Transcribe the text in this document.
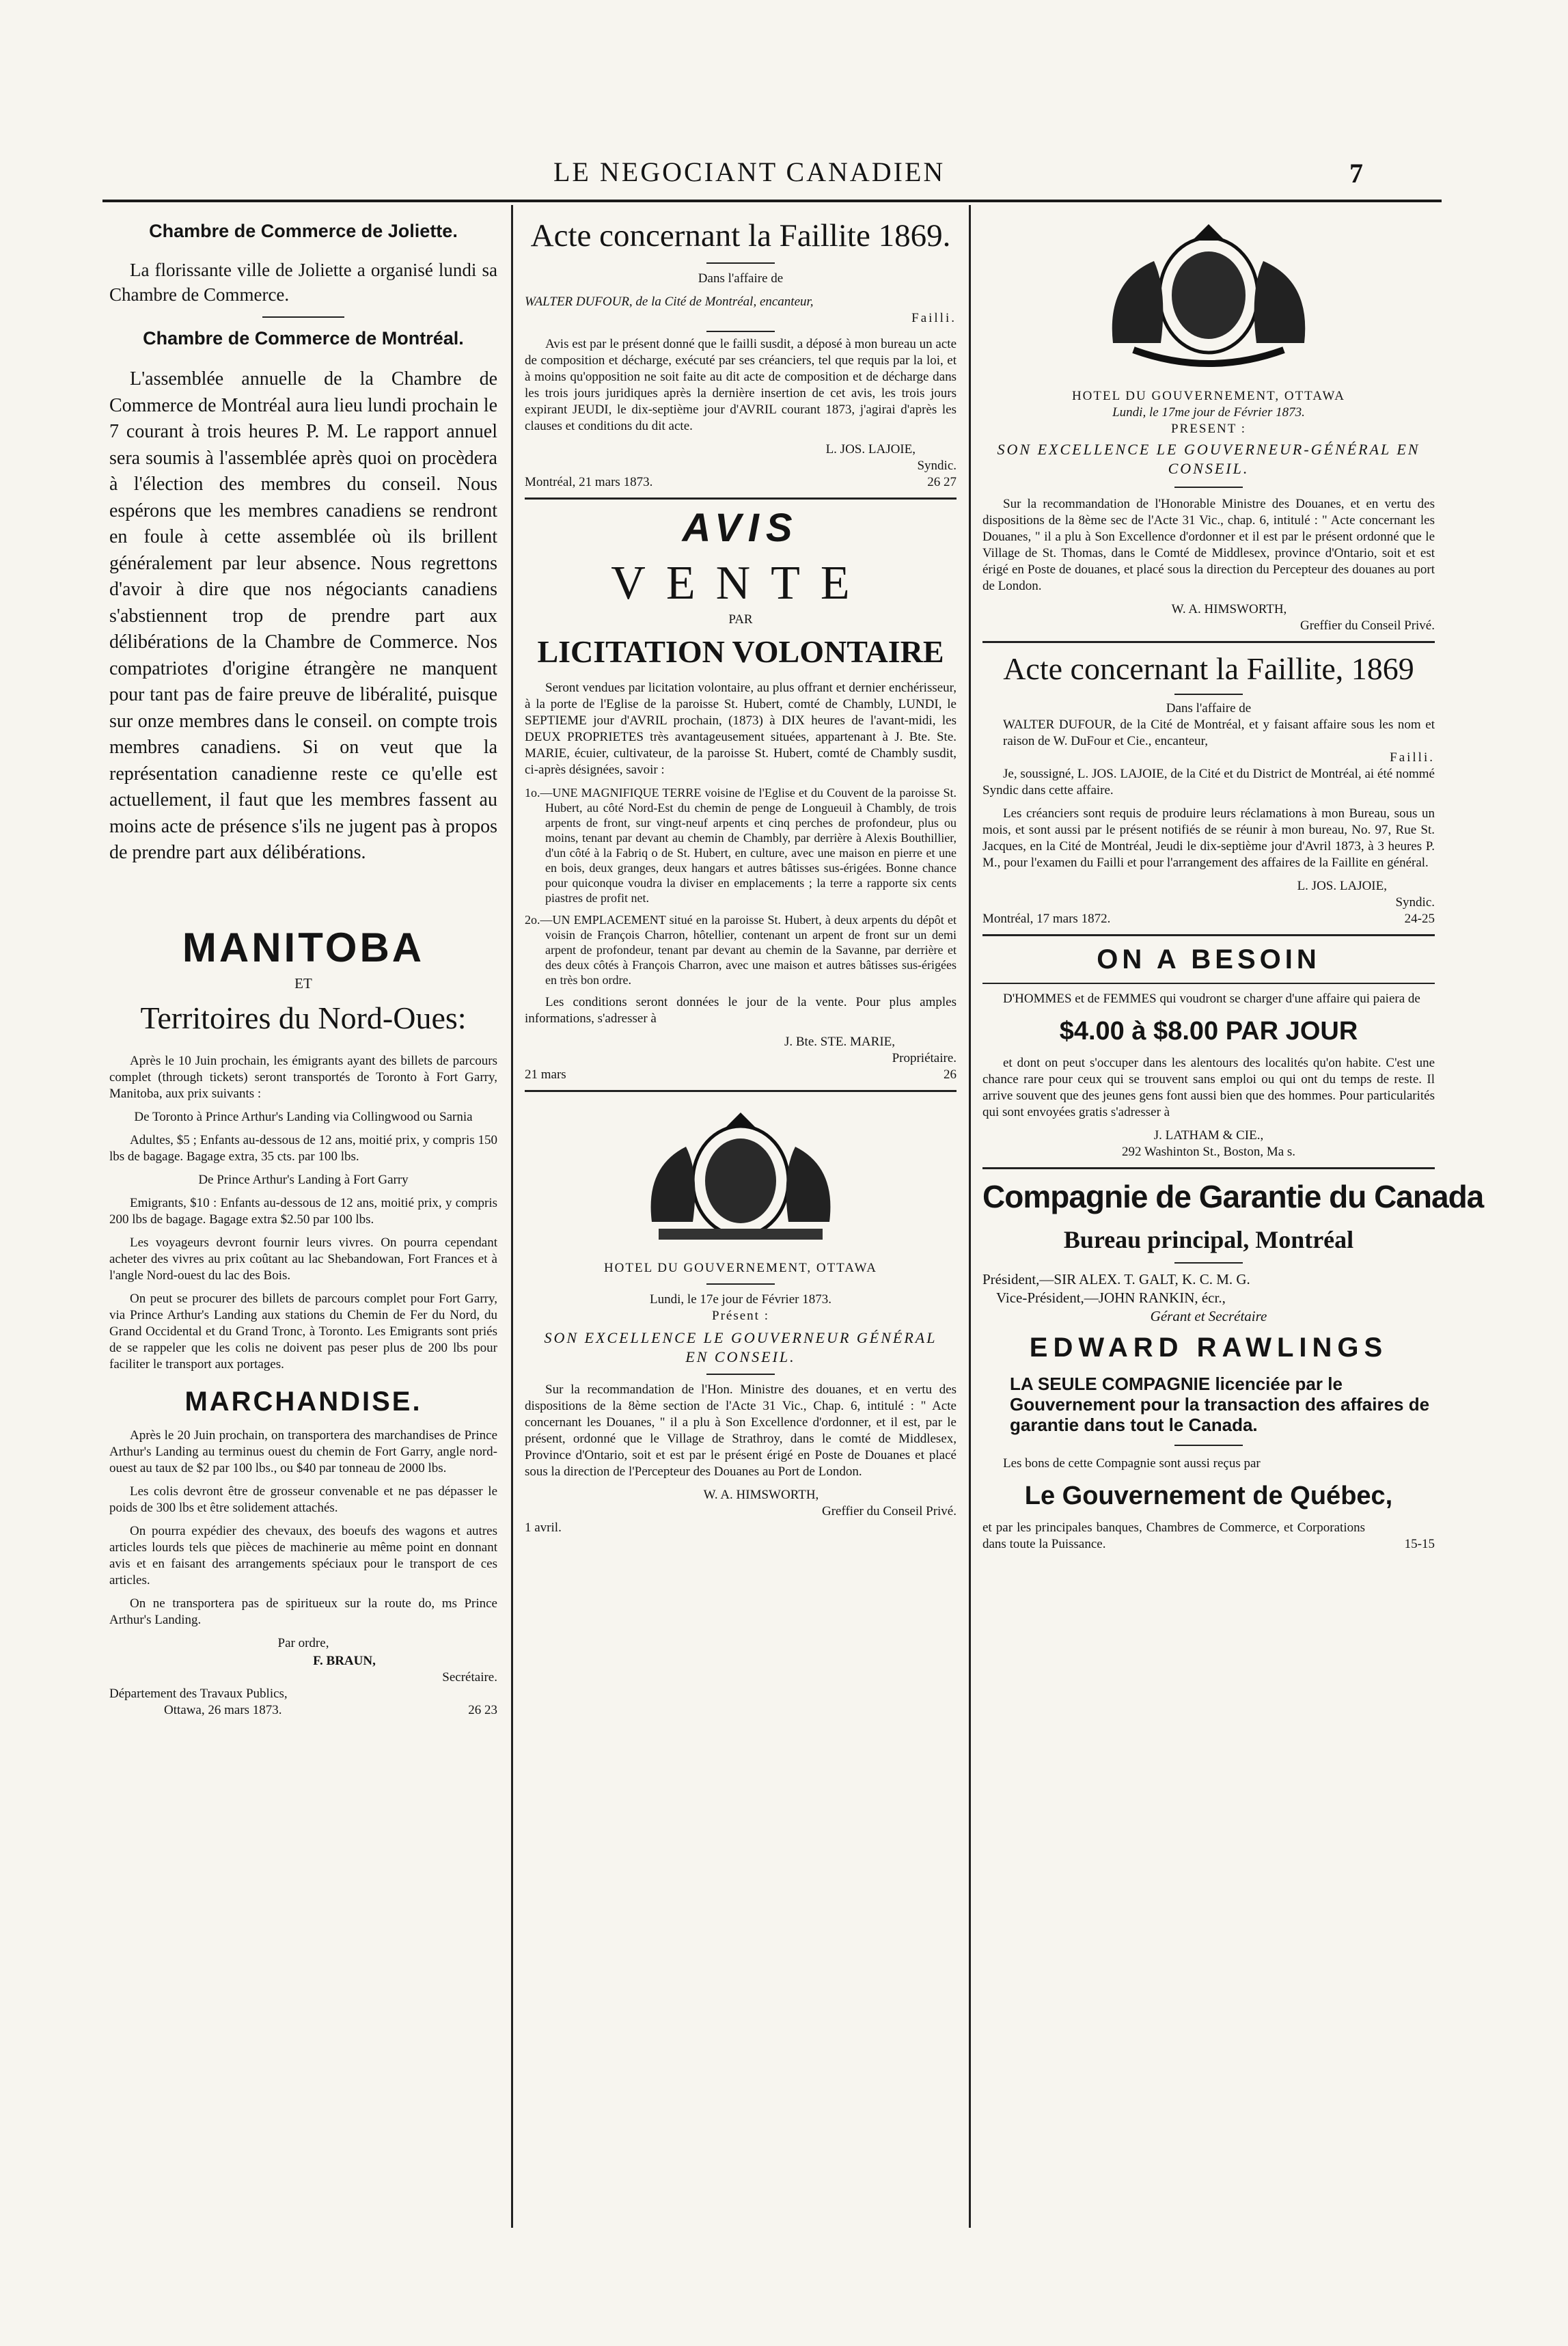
LE NEGOCIANT CANADIEN	7
Chambre de Commerce de Joliette.

La florissante ville de Joliette a organisé lundi sa Chambre de Commerce.

Chambre de Commerce de Montréal.

L'assemblée annuelle de la Chambre de Commerce de Montréal aura lieu lundi prochain le 7 courant à trois heures P. M. Le rapport annuel sera soumis à l'assemblée après quoi on procèdera à l'élection des membres du conseil. Nous espérons que les membres canadiens se rendront en foule à cette assemblée où ils brillent généralement par leur absence. Nous regrettons d'avoir à dire que nos négociants canadiens s'abstiennent trop de prendre part aux délibérations de la Chambre de Commerce. Nos compatriotes d'origine étrangère ne manquent pour tant pas de faire preuve de libéralité, puisque sur onze membres dans le conseil. on compte trois membres canadiens. Si on veut que la représentation canadienne reste ce qu'elle est actuellement, il faut que les membres fassent au moins acte de présence s'ils ne jugent pas à propos de prendre part aux délibérations.

MANITOBA
ET
Territoires du Nord-Oues:

Après le 10 Juin prochain, les émigrants ayant des billets de parcours complet (through tickets) seront transportés de Toronto à Fort Garry, Manitoba, aux prix suivants :

De Toronto à Prince Arthur's Landing via Collingwood ou Sarnia

Adultes, $5 ; Enfants au-dessous de 12 ans, moitié prix, y compris 150 lbs de bagage. Bagage extra, 35 cts. par 100 lbs.

De Prince Arthur's Landing à Fort Garry

Emigrants, $10 : Enfants au-dessous de 12 ans, moitié prix, y compris 200 lbs de bagage. Bagage extra $2.50 par 100 lbs.

Les voyageurs devront fournir leurs vivres. On pourra cependant acheter des vivres au prix coûtant au lac Shebandowan, Fort Frances et à l'angle Nord-ouest du lac des Bois.

On peut se procurer des billets de parcours complet pour Fort Garry, via Prince Arthur's Landing aux stations du Chemin de Fer du Nord, du Grand Occidental et du Grand Tronc, à Toronto. Les Emigrants sont priés de se rappeler que les colis ne doivent pas peser plus de 200 lbs pour faciliter le transport aux portages.

MARCHANDISE.

Après le 20 Juin prochain, on transportera des marchandises de Prince Arthur's Landing au terminus ouest du chemin de Fort Garry, angle nord-ouest au taux de $2 par 100 lbs., ou $40 par tonneau de 2000 lbs.

Les colis devront être de grosseur convenable et ne pas dépasser le poids de 300 lbs et être solidement attachés.

On pourra expédier des chevaux, des boeufs des wagons et autres articles lourds tels que pièces de machinerie au même point en donnant avis et en faisant des arrangements spéciaux pour le transport de ces articles.

On ne transportera pas de spiritueux sur la route do, ms Prince Arthur's Landing.

Par ordre,

F. BRAUN,
Secrétaire.
Département des Travaux Publics,
Ottawa, 26 mars 1873.	26 23
Acte concernant la Faillite 1869.
Dans l'affaire de
WALTER DUFOUR, de la Cité de Montréal, encanteur,
Failli.

Avis est par le présent donné que le failli susdit, a déposé à mon bureau un acte de composition et décharge, exécuté par ses créanciers, tel que requis par la loi, et à moins qu'opposition ne soit faite au dit acte de composition et de décharge dans les trois jours juridiques après la dernière insertion de cet avis, les trois jours expirant JEUDI, le dix-septième jour d'AVRIL courant 1873, j'agirai d'après les clauses et conditions du dit acte.

L. JOS. LAJOIE,
Syndic.
Montréal, 21 mars 1873.	26 27
AVIS
VENTE
PAR
LICITATION VOLONTAIRE

Seront vendues par licitation volontaire, au plus offrant et dernier enchérisseur, à la porte de l'Eglise de la paroisse St. Hubert, comté de Chambly, LUNDI, le SEPTIEME jour d'AVRIL prochain, (1873) à DIX heures de l'avant-midi, les DEUX PROPRIETES très avantageusement situées, appartenant à J. Bte. Ste. MARIE, écuier, cultivateur, de la paroisse St. Hubert, comté de Chambly susdit, ci-après désignées, savoir :

1o.—UNE MAGNIFIQUE TERRE voisine de l'Eglise et du Couvent de la paroisse St. Hubert, au côté Nord-Est du chemin de penge de Longueuil à Chambly, de trois arpents de front, sur vingt-neuf arpents et cinq perches de profondeur, plus ou moins, tenant par devant au chemin de Chambly, par derrière à Alexis Bouthillier, d'un côté à la Fabriq o de St. Hubert, en culture, avec une maison en pierre et une en bois, deux granges, deux hangars et autres bâtisses sus-érigées. Bonne chance pour quiconque voudra la diviser en emplacements ; la terre a rapporte six cents piastres de profit net.

2o.—UN EMPLACEMENT situé en la paroisse St. Hubert, à deux arpents du dépôt et voisin de François Charron, hôtellier, contenant un arpent de front sur un demi arpent de profondeur, tenant par devant au chemin de la Savanne, par derrière et des deux côtés à François Charron, avec une maison et autres bâtisses sus-érigées en très bon ordre.

Les conditions seront données le jour de la vente. Pour plus amples informations, s'adresser à

J. Bte. STE. MARIE,
Propriétaire.
21 mars	26
HOTEL DU GOUVERNEMENT, OTTAWA
Lundi, le 17e jour de Février 1873.
Présent :
SON EXCELLENCE LE GOUVERNEUR GÉNÉRAL EN CONSEIL.

Sur la recommandation de l'Hon. Ministre des douanes, et en vertu des dispositions de la 8ème section de l'Acte 31 Vic., Chap. 6, intitulé : " Acte concernant les Douanes, " il a plu à Son Excellence d'ordonner, et il est, par le présent, ordonné que le Village de Strathroy, dans le comté de Middlesex, Province d'Ontario, soit et est par le présent érigé en Poste de Douanes et placé sous la direction de l'Percepteur des Douanes au Port de London.

W. A. HIMSWORTH,
Greffier du Conseil Privé.
1 avril.
HOTEL DU GOUVERNEMENT, OTTAWA
Lundi, le 17me jour de Février 1873.
PRESENT :
SON EXCELLENCE LE GOUVERNEUR-GÉNÉRAL EN CONSEIL.

Sur la recommandation de l'Honorable Ministre des Douanes, et en vertu des dispositions de la 8ème sec de l'Acte 31 Vic., chap. 6, intitulé : " Acte concernant les Douanes, " il a plu à Son Excellence d'ordonner et il est par le présent ordonné que le Village de St. Thomas, dans le Comté de Middlesex, province d'Ontario, soit et est érigé en Poste de douanes, et placé sous la direction du Percepteur des douanes au port de London.

W. A. HIMSWORTH,
Greffier du Conseil Privé.
Acte concernant la Faillite, 1869
Dans l'affaire de
WALTER DUFOUR, de la Cité de Montréal, et y faisant affaire sous les nom et raison de W. DuFour et Cie., encanteur,
Failli.

Je, soussigné, L. JOS. LAJOIE, de la Cité et du District de Montréal, ai été nommé Syndic dans cette affaire.

Les créanciers sont requis de produire leurs réclamations à mon Bureau, sous un mois, et sont aussi par le présent notifiés de se réunir à mon bureau, No. 97, Rue St. Jacques, en la Cité de Montréal, Jeudi le dix-septième jour d'Avril 1873, à 3 heures P. M., pour l'examen du Failli et pour l'arrangement des affaires de la Faillite en général.

L. JOS. LAJOIE,
Syndic.
Montréal, 17 mars 1872.	24-25
ON A BESOIN

D'HOMMES et de FEMMES qui voudront se charger d'une affaire qui paiera de

$4.00 à $8.00 PAR JOUR

et dont on peut s'occuper dans les alentours des localités qu'on habite. C'est une chance rare pour ceux qui se trouvent sans emploi ou qui ont du temps de reste. Il arrive souvent que des jeunes gens font aussi bien que des hommes. Pour particularités qui sont envoyées gratis s'adresser à

J. LATHAM & CIE.,
292 Washinton St., Boston, Ma s.
Compagnie de Garantie du Canada
Bureau principal, Montréal
Président,—SIR ALEX. T. GALT, K. C. M. G.
Vice-Président,—JOHN RANKIN, écr.,
Gérant et Secrétaire
EDWARD RAWLINGS
LA SEULE COMPAGNIE licenciée par le Gouvernement pour la transaction des affaires de garantie dans tout le Canada.

Les bons de cette Compagnie sont aussi reçus par

Le Gouvernement de Québec,
et par les principales banques, Chambres de Commerce, et Corporations dans toute la Puissance.	15-15
